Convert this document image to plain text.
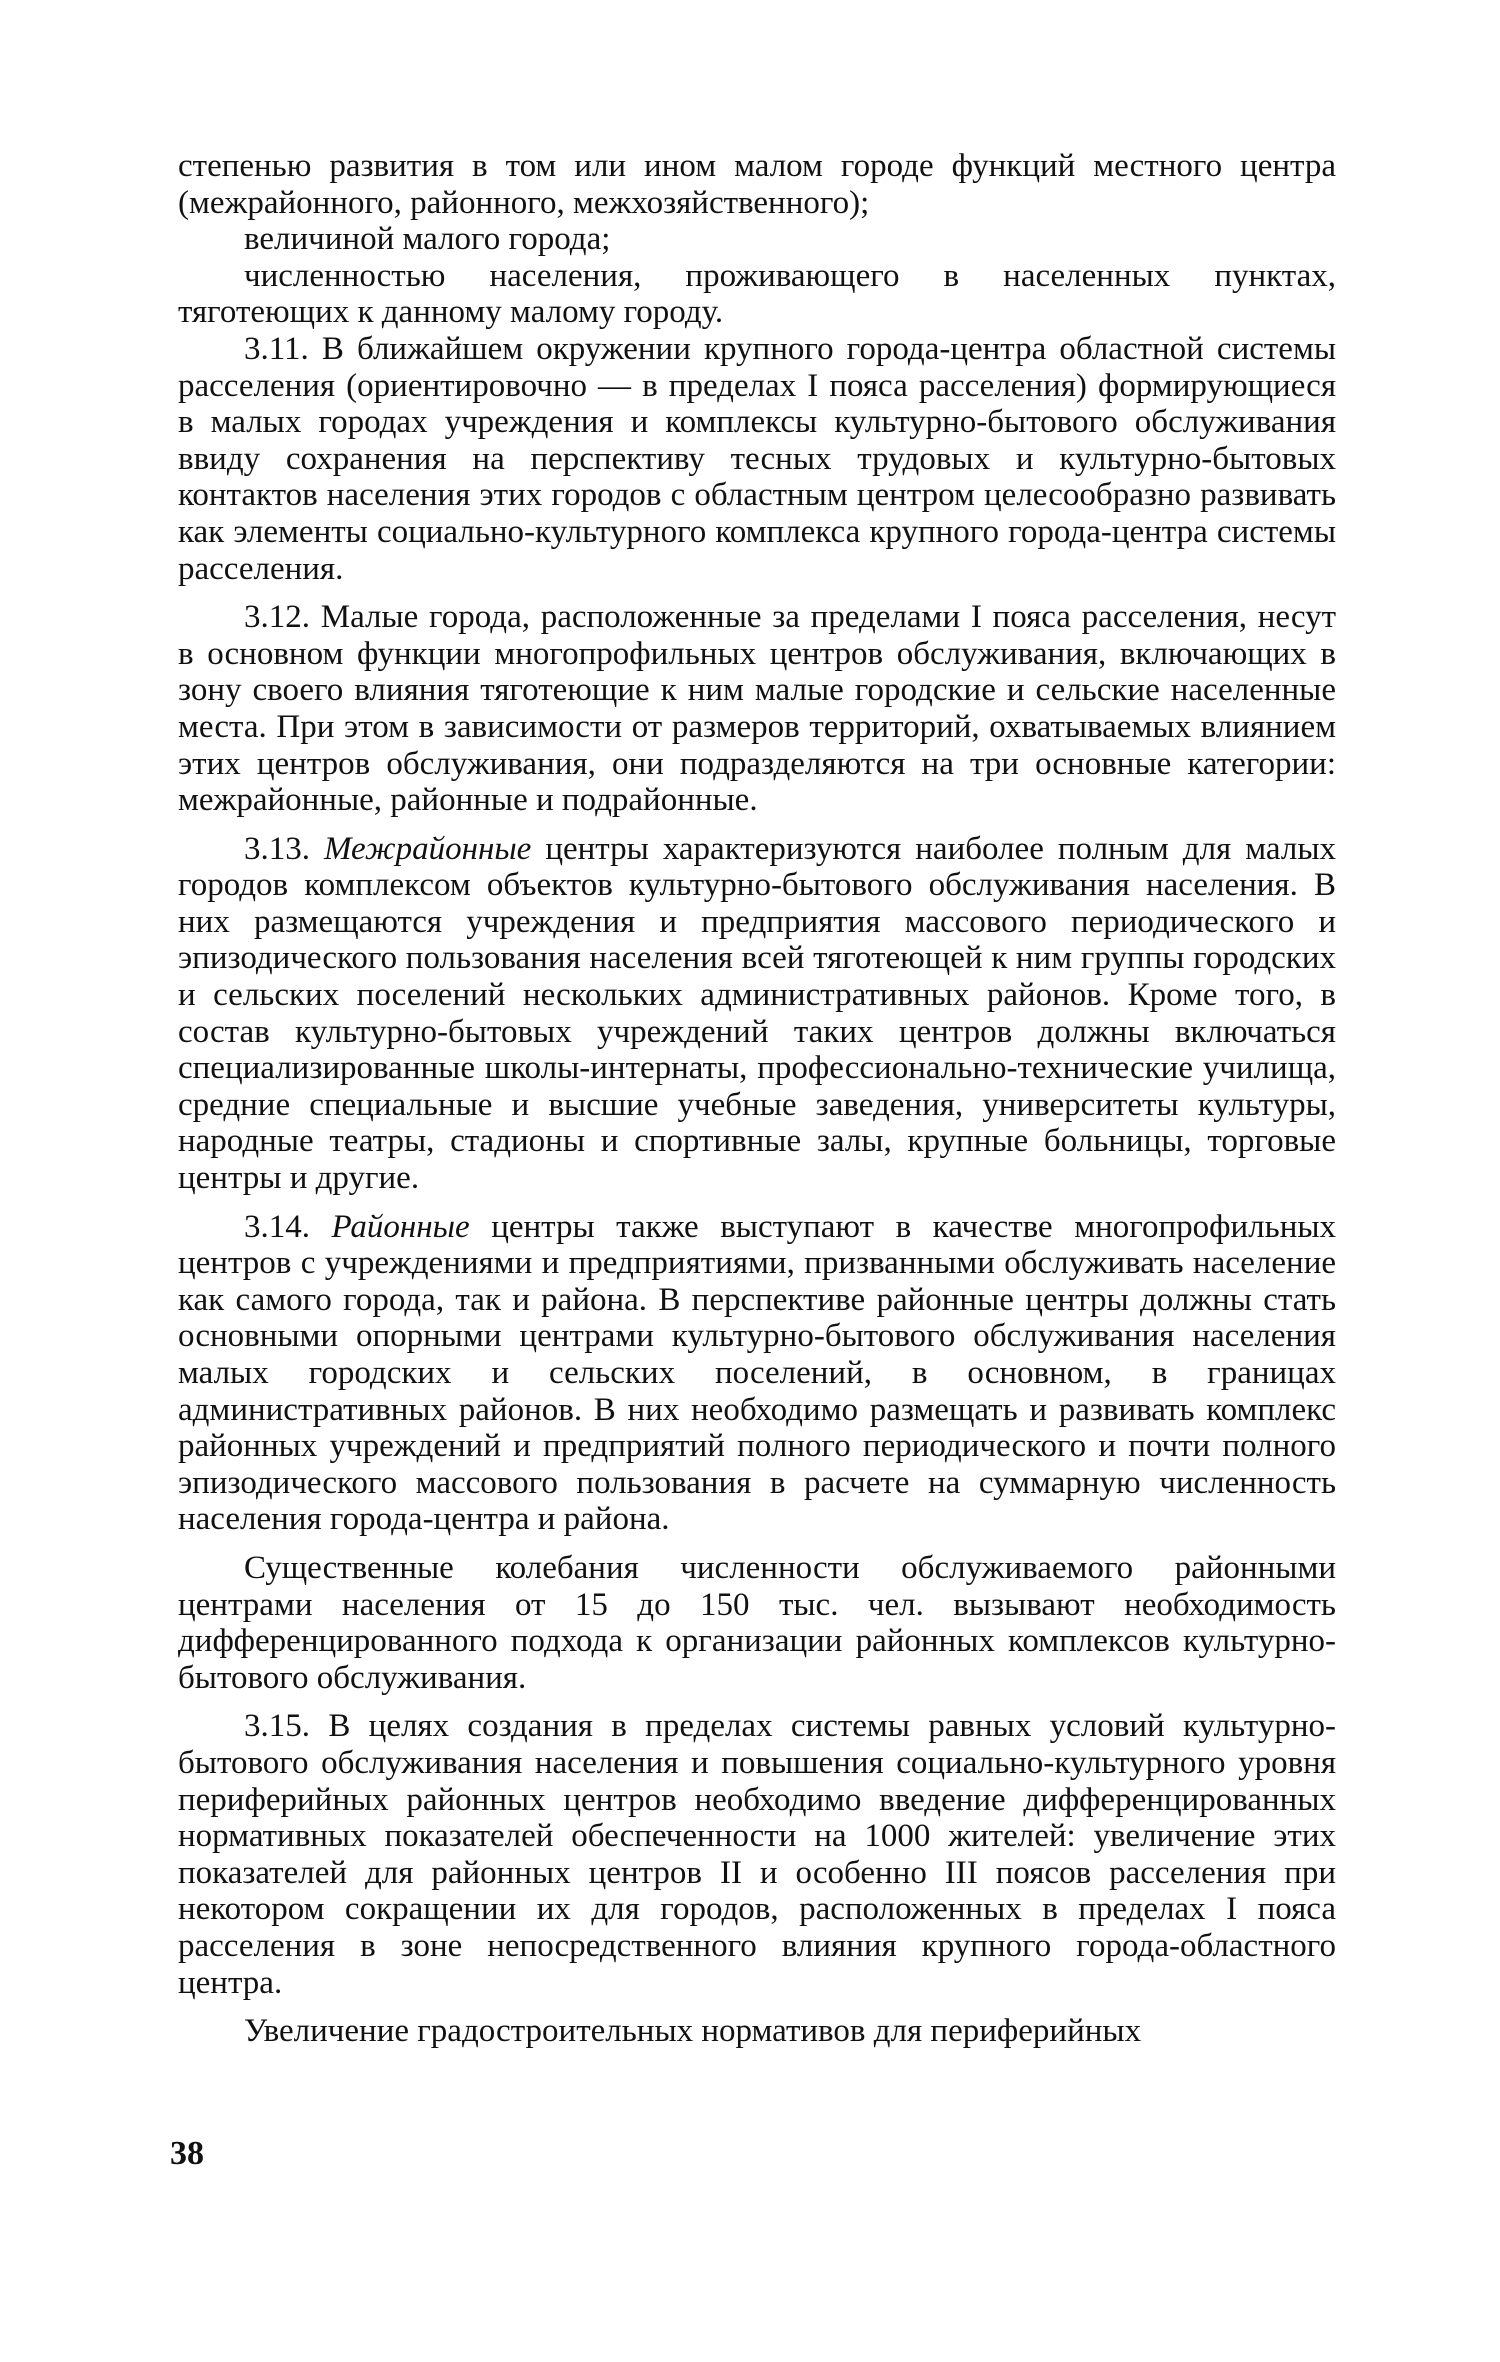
степенью развития в том или ином малом городе функций местного центра (межрайонного, районного, межхозяйственного);

величиной малого города;

численностью населения, проживающего в населенных пунктах, тяготеющих к данному малому городу.

3.11. В ближайшем окружении крупного города-центра областной системы расселения (ориентировочно — в пределах I пояса расселения) формирующиеся в малых городах учреждения и комплексы культурно-бытового обслуживания ввиду сохранения на перспективу тесных трудовых и культурно-бытовых контактов населения этих городов с областным центром целесообразно развивать как элементы социально-культурного комплекса крупного города-центра системы расселения.

3.12. Малые города, расположенные за пределами I пояса расселения, несут в основном функции многопрофильных центров обслуживания, включающих в зону своего влияния тяготеющие к ним малые городские и сельские населенные места. При этом в зависимости от размеров территорий, охватываемых влиянием этих центров обслуживания, они подразделяются на три основные категории: межрайонные, районные и подрайонные.

3.13. Межрайонные центры характеризуются наиболее полным для малых городов комплексом объектов культурно-бытового обслуживания населения. В них размещаются учреждения и предприятия массового периодического и эпизодического пользования населения всей тяготеющей к ним группы городских и сельских поселений нескольких административных районов. Кроме того, в состав культурно-бытовых учреждений таких центров должны включаться специализированные школы-интернаты, профессионально-технические училища, средние специальные и высшие учебные заведения, университеты культуры, народные театры, стадионы и спортивные залы, крупные больницы, торговые центры и другие.

3.14. Районные центры также выступают в качестве многопрофильных центров с учреждениями и предприятиями, призванными обслуживать население как самого города, так и района. В перспективе районные центры должны стать основными опорными центрами культурно-бытового обслуживания населения малых городских и сельских поселений, в основном, в границах административных районов. В них необходимо размещать и развивать комплекс районных учреждений и предприятий полного периодического и почти полного эпизодического массового пользования в расчете на суммарную численность населения города-центра и района.

Существенные колебания численности обслуживаемого районными центрами населения от 15 до 150 тыс. чел. вызывают необходимость дифференцированного подхода к организации районных комплексов культурно-бытового обслуживания.

3.15. В целях создания в пределах системы равных условий культурно-бытового обслуживания населения и повышения социально-культурного уровня периферийных районных центров необходимо введение дифференцированных нормативных показателей обеспеченности на 1000 жителей: увеличение этих показателей для районных центров II и особенно III поясов расселения при некотором сокращении их для городов, расположенных в пределах I пояса расселения в зоне непосредственного влияния крупного города-областного центра.

Увеличение градостроительных нормативов для периферийных

38
